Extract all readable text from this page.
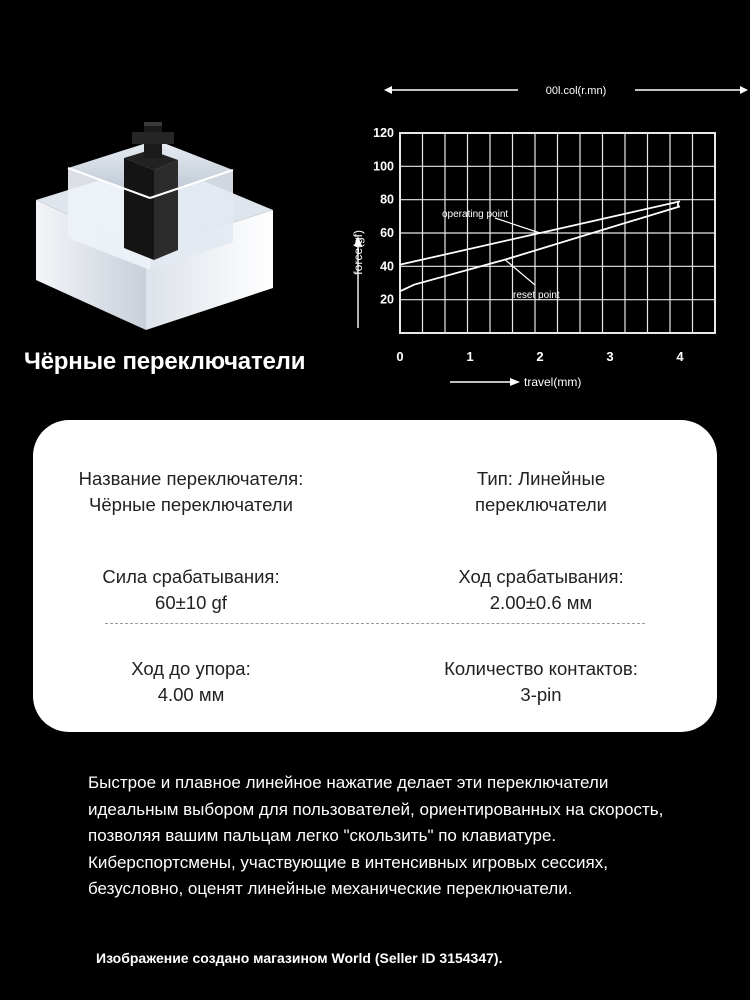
Чёрные переключатели
20
40
60
80
100
120
0	1	2	3	4
operating point
reset point
force(gf)
travel(mm)
00l.col(r.mn)
Название переключателя:
Чёрные переключатели
Тип: Линейные
переключатели
Сила срабатывания:
60±10 gf
Ход срабатывания:
2.00±0.6 мм
Ход до упора:
4.00 мм
Количество контактов:
3-pin

Быстрое и плавное линейное нажатие делает эти переключатели идеальным выбором для пользователей, ориентированных на скорость, позволяя вашим пальцам легко "скользить" по клавиатуре. Киберспортсмены, участвующие в интенсивных игровых сессиях, безусловно, оценят линейные механические переключатели.

Изображение создано магазином World (Seller ID 3154347).
